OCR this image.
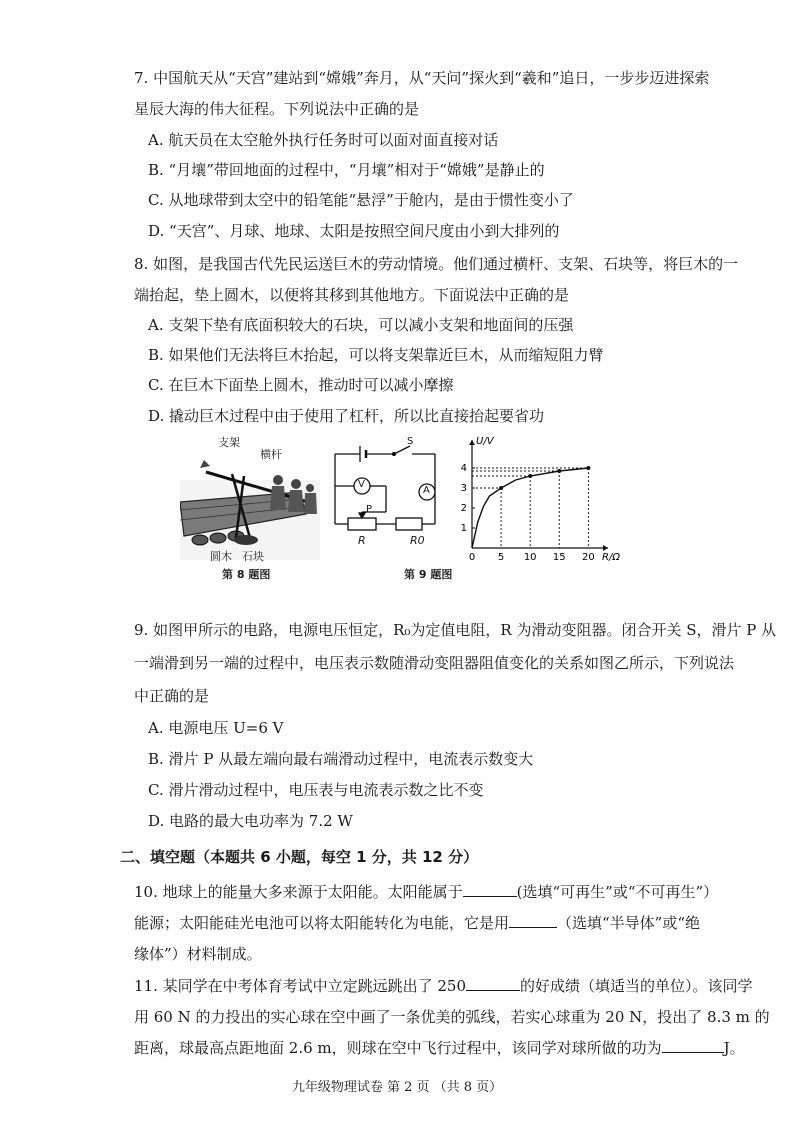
7. 中国航天从“天宫”建站到“嫦娥”奔月，从“天问”探火到“羲和”追日，一步步迈进探索
星辰大海的伟大征程。下列说法中正确的是
A. 航天员在太空舱外执行任务时可以面对面直接对话
B. “月壤”带回地面的过程中，“月壤”相对于“嫦娥”是静止的
C. 从地球带到太空中的铅笔能“悬浮”于舱内，是由于惯性变小了
D. “天宫”、月球、地球、太阳是按照空间尺度由小到大排列的
8. 如图，是我国古代先民运送巨木的劳动情境。他们通过横杆、支架、石块等，将巨木的一
端抬起，垫上圆木，以便将其移到其他地方。下面说法中正确的是
A. 支架下垫有底面积较大的石块，可以减小支架和地面间的压强
B. 如果他们无法将巨木抬起，可以将支架靠近巨木，从而缩短阻力臂
C. 在巨木下面垫上圆木，推动时可以减小摩擦
D. 撬动巨木过程中由于使用了杠杆，所以比直接抬起要省功
支架
横杆
圆木 石块
第 8 题图
S
V
A
P
R	R0
0 5 10 15 20
1
2
3
4
R/Ω
U/V
第 9 题图
9. 如图甲所示的电路，电源电压恒定，R₀为定值电阻，R 为滑动变阻器。闭合开关 S，滑片 P 从
一端滑到另一端的过程中，电压表示数随滑动变阻器阻值变化的关系如图乙所示，下列说法
中正确的是
A. 电源电压 U=6 V
B. 滑片 P 从最左端向最右端滑动过程中，电流表示数变大
C. 滑片滑动过程中，电压表与电流表示数之比不变
D. 电路的最大电功率为 7.2 W
二、填空题（本题共 6 小题，每空 1 分，共 12 分）
10. 地球上的能量大多来源于太阳能。太阳能属于	(选填“可再生”或“不可再生”）
能源；太阳能硅光电池可以将太阳能转化为电能，它是用	（选填“半导体”或“绝
缘体”）材料制成。
11. 某同学在中考体育考试中立定跳远跳出了 250	的好成绩（填适当的单位）。该同学
用 60 N 的力投出的实心球在空中画了一条优美的弧线，若实心球重为 20 N，投出了 8.3 m 的
距离，球最高点距地面 2.6 m，则球在空中飞行过程中，该同学对球所做的功为	J。
九年级物理试卷 第 2 页 （共 8 页）
